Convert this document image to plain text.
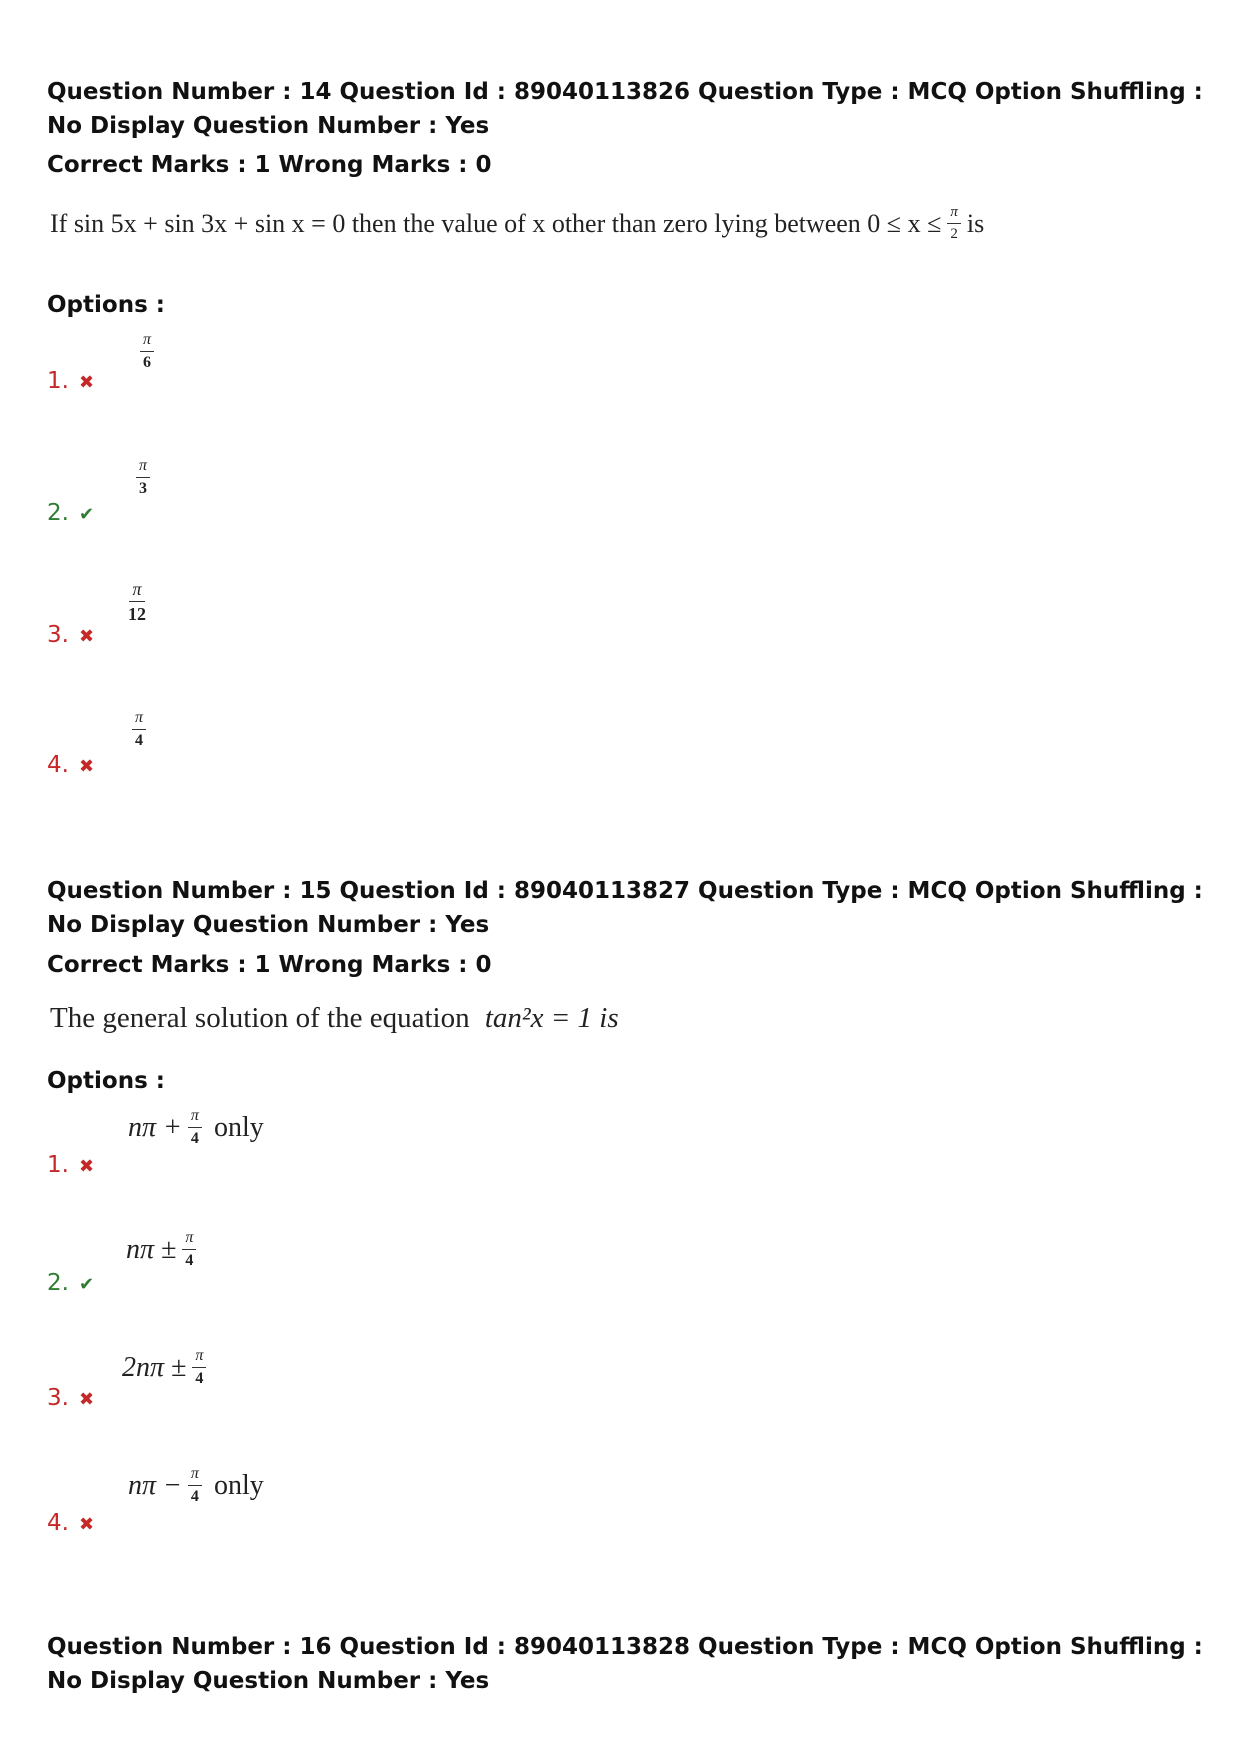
Question Number : 14 Question Id : 89040113826 Question Type : MCQ Option Shuffling : No Display Question Number : Yes
Correct Marks : 1 Wrong Marks : 0
If sin 5x + sin 3x + sin x = 0 then the value of x other than zero lying between $0 \le x \le \frac{\pi}{2}$ is
Options :
1. ✖
$\frac{\pi}{6}$
2. ✔
$\frac{\pi}{3}$
3. ✖
$\frac{\pi}{12}$
4. ✖
$\frac{\pi}{4}$
Question Number : 15 Question Id : 89040113827 Question Type : MCQ Option Shuffling : No Display Question Number : Yes
Correct Marks : 1 Wrong Marks : 0
The general solution of the equation tan²x = 1 is
Options :
1. ✖
$n\pi + \frac{\pi}{4}$ only
2. ✔
$n\pi \pm \frac{\pi}{4}$
3. ✖
$2n\pi \pm \frac{\pi}{4}$
4. ✖
$n\pi - \frac{\pi}{4}$ only
Question Number : 16 Question Id : 89040113828 Question Type : MCQ Option Shuffling : No Display Question Number : Yes
